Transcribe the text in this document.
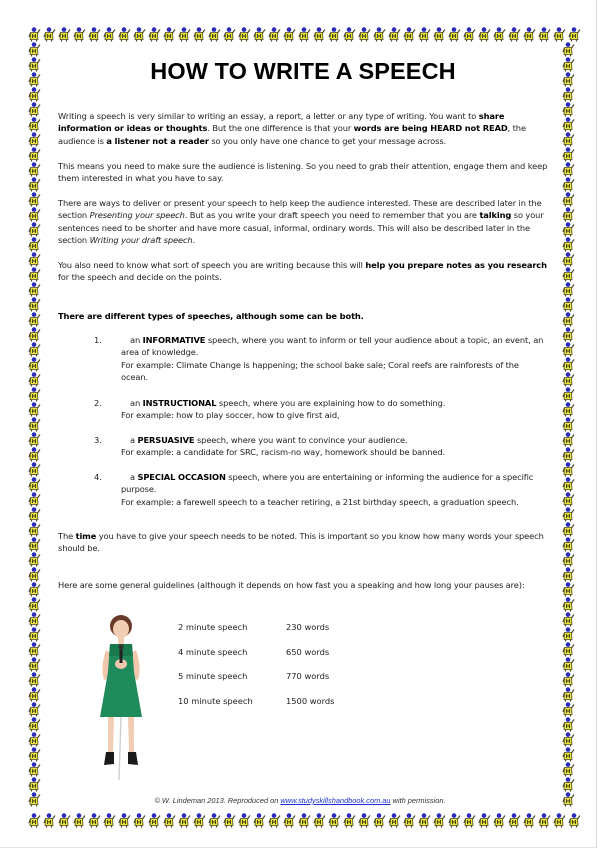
HOW TO WRITE A SPEECH

Writing a speech is very similar to writing an essay, a report, a letter or any type of writing. You want to share information or ideas or thoughts. But the one difference is that your words are being HEARD not READ, the audience is a listener not a reader so you only have one chance to get your message across.

This means you need to make sure the audience is listening. So you need to grab their attention, engage them and keep them interested in what you have to say.

There are ways to deliver or present your speech to help keep the audience interested. These are described later in the section Presenting your speech. But as you write your draft speech you need to remember that you are talking so your sentences need to be shorter and have more casual, informal, ordinary words. This will also be described later in the section Writing your draft speech.

You also need to know what sort of speech you are writing because this will help you prepare notes as you research for the speech and decide on the points.

There are different types of speeches, although some can be both.

1.	an INFORMATIVE speech, where you want to inform or tell your audience about a topic, an event, an area of knowledge.
For example: Climate Change is happening; the school bake sale; Coral reefs are rainforests of the ocean.
2.	an INSTRUCTIONAL speech, where you are explaining how to do something.
For example: how to play soccer, how to give first aid,
3.	a PERSUASIVE speech, where you want to convince your audience.
For example: a candidate for SRC, racism-no way, homework should be banned.
4.	a SPECIAL OCCASION speech, where you are entertaining or informing the audience for a specific purpose.
For example: a farewell speech to a teacher retiring, a 21st birthday speech, a graduation speech.

The time you have to give your speech needs to be noted. This is important so you know how many words your speech should be.

Here are some general guidelines (although it depends on how fast you a speaking and how long your pauses are):

2 minute speech	230 words
4 minute speech	650 words
5 minute speech	770 words
10 minute speech	1500 words
© W. Lindeman 2013. Reproduced on www.studyskillshandbook.com.au with permission.
